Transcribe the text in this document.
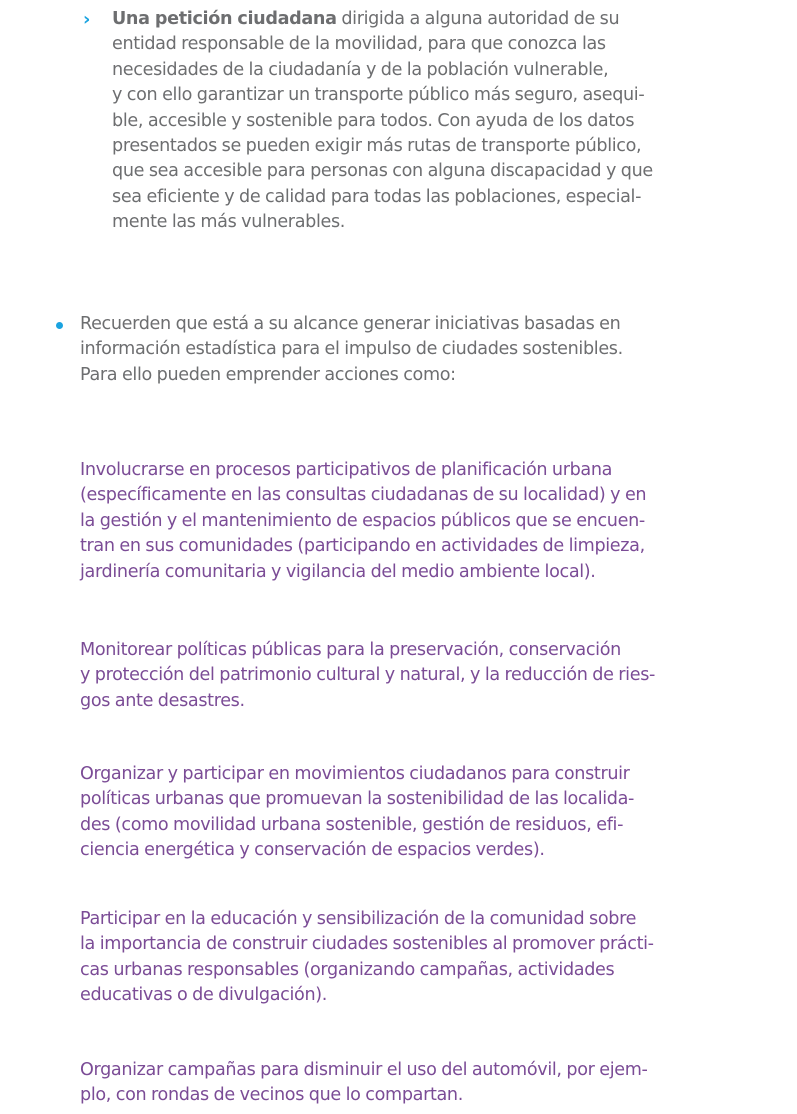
› Una petición ciudadana dirigida a alguna autoridad de su
entidad responsable de la movilidad, para que conozca las
necesidades de la ciudadanía y de la población vulnerable,
y con ello garantizar un transporte público más seguro, asequi-
ble, accesible y sostenible para todos. Con ayuda de los datos
presentados se pueden exigir más rutas de transporte público,
que sea accesible para personas con alguna discapacidad y que
sea eficiente y de calidad para todas las poblaciones, especial-
mente las más vulnerables.
Recuerden que está a su alcance generar iniciativas basadas en
información estadística para el impulso de ciudades sostenibles.
Para ello pueden emprender acciones como:
Involucrarse en procesos participativos de planificación urbana
(específicamente en las consultas ciudadanas de su localidad) y en
la gestión y el mantenimiento de espacios públicos que se encuen-
tran en sus comunidades (participando en actividades de limpieza,
jardinería comunitaria y vigilancia del medio ambiente local).
Monitorear políticas públicas para la preservación, conservación
y protección del patrimonio cultural y natural, y la reducción de ries-
gos ante desastres.
Organizar y participar en movimientos ciudadanos para construir
políticas urbanas que promuevan la sostenibilidad de las localida-
des (como movilidad urbana sostenible, gestión de residuos, efi-
ciencia energética y conservación de espacios verdes).
Participar en la educación y sensibilización de la comunidad sobre
la importancia de construir ciudades sostenibles al promover prácti-
cas urbanas responsables (organizando campañas, actividades
educativas o de divulgación).
Organizar campañas para disminuir el uso del automóvil, por ejem-
plo, con rondas de vecinos que lo compartan.
